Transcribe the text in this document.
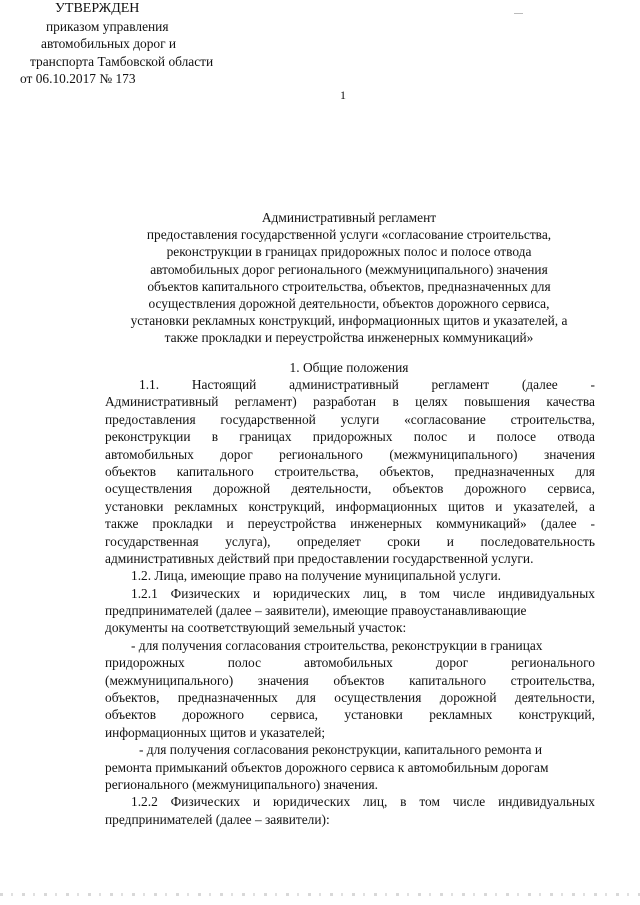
1
УТВЕРЖДЕН
приказом управления
автомобильных дорог и
транспорта Тамбовской области
от 06.10.2017 № 173
Административный регламент
предоставления государственной услуги «согласование строительства,
реконструкции в границах придорожных полос и полосе отвода
автомобильных дорог регионального (межмуниципального) значения
объектов капитального строительства, объектов, предназначенных для
осуществления дорожной деятельности, объектов дорожного сервиса,
установки рекламных конструкций, информационных щитов и указателей, а
также прокладки и переустройства инженерных коммуникаций»
1. Общие положения
1.1. Настоящий административный регламент (далее -
Административный регламент) разработан в целях повышения качества
предоставления государственной услуги «согласование строительства,
реконструкции в границах придорожных полос и полосе отвода
автомобильных дорог регионального (межмуниципального) значения
объектов капитального строительства, объектов, предназначенных для
осуществления дорожной деятельности, объектов дорожного сервиса,
установки рекламных конструкций, информационных щитов и указателей, а
также прокладки и переустройства инженерных коммуникаций» (далее -
государственная услуга), определяет сроки и последовательность
административных действий при предоставлении государственной услуги.
1.2. Лица, имеющие право на получение муниципальной услуги.
1.2.1 Физических и юридических лиц, в том числе индивидуальных
предпринимателей (далее – заявители), имеющие правоустанавливающие
документы на соответствующий земельный участок:
- для получения согласования строительства, реконструкции в границах
придорожных	полос	автомобильных	дорог	регионального
(межмуниципального) значения объектов капитального строительства,
объектов, предназначенных для осуществления дорожной деятельности,
объектов дорожного сервиса, установки рекламных конструкций,
информационных щитов и указателей;
- для получения согласования реконструкции, капитального ремонта и
ремонта примыканий объектов дорожного сервиса к автомобильным дорогам
регионального (межмуниципального) значения.
1.2.2 Физических и юридических лиц, в том числе индивидуальных
предпринимателей (далее – заявители):
